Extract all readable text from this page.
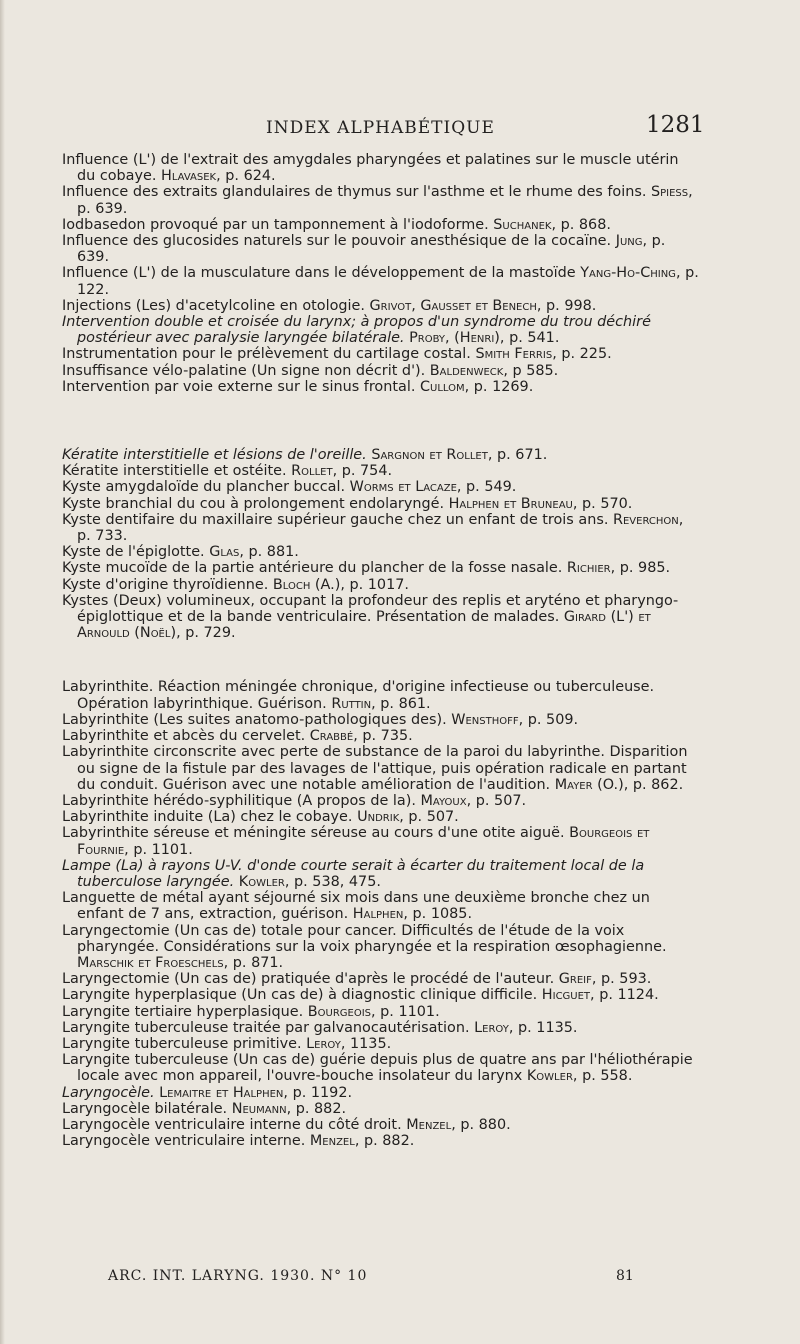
INDEX ALPHABÉTIQUE	1281

Influence (L') de l'extrait des amygdales pharyngées et palatines sur le muscle utérin du cobaye. Hlavasek, p. 624.

Influence des extraits glandulaires de thymus sur l'asthme et le rhume des foins. Spiess, p. 639.

Iodbasedon provoqué par un tamponnement à l'iodoforme. Suchanek, p. 868.

Influence des glucosides naturels sur le pouvoir anesthésique de la cocaïne. Jung, p. 639.

Influence (L') de la musculature dans le développement de la mastoïde Yang-Ho-Ching, p. 122.

Injections (Les) d'acetylcoline en otologie. Grivot, Gausset et Benech, p. 998.

Intervention double et croisée du larynx; à propos d'un syndrome du trou déchiré postérieur avec paralysie laryngée bilatérale. Proby, (Henri), p. 541.

Instrumentation pour le prélèvement du cartilage costal. Smith Ferris, p. 225.

Insuffisance vélo-palatine (Un signe non décrit d'). Baldenweck, p 585.

Intervention par voie externe sur le sinus frontal. Cullom, p. 1269.

Kératite interstitielle et lésions de l'oreille. Sargnon et Rollet, p. 671.

Kératite interstitielle et ostéite. Rollet, p. 754.

Kyste amygdaloïde du plancher buccal. Worms et Lacaze, p. 549.

Kyste branchial du cou à prolongement endolaryngé. Halphen et Bruneau, p. 570.

Kyste dentifaire du maxillaire supérieur gauche chez un enfant de trois ans. Reverchon, p. 733.

Kyste de l'épiglotte. Glas, p. 881.

Kyste mucoïde de la partie antérieure du plancher de la fosse nasale. Richier, p. 985.

Kyste d'origine thyroïdienne. Bloch (A.), p. 1017.

Kystes (Deux) volumineux, occupant la profondeur des replis et aryténo et pharyngo-épiglottique et de la bande ventriculaire. Présentation de malades. Girard (L') et Arnould (Noël), p. 729.

Labyrinthite. Réaction méningée chronique, d'origine infectieuse ou tuberculeuse. Opération labyrinthique. Guérison. Ruttin, p. 861.

Labyrinthite (Les suites anatomo-pathologiques des). Wensthoff, p. 509.

Labyrinthite et abcès du cervelet. Crabbé, p. 735.

Labyrinthite circonscrite avec perte de substance de la paroi du labyrinthe. Disparition ou signe de la fistule par des lavages de l'attique, puis opération radicale en partant du conduit. Guérison avec une notable amélioration de l'audition. Mayer (O.), p. 862.

Labyrinthite hérédo-syphilitique (A propos de la). Mayoux, p. 507.

Labyrinthite induite (La) chez le cobaye. Undrik, p. 507.

Labyrinthite séreuse et méningite séreuse au cours d'une otite aiguë. Bourgeois et Fournie, p. 1101.

Lampe (La) à rayons U-V. d'onde courte serait à écarter du traitement local de la tuberculose laryngée. Kowler, p. 538, 475.

Languette de métal ayant séjourné six mois dans une deuxième bronche chez un enfant de 7 ans, extraction, guérison. Halphen, p. 1085.

Laryngectomie (Un cas de) totale pour cancer. Difficultés de l'étude de la voix pharyngée. Considérations sur la voix pharyngée et la respiration œsophagienne. Marschik et Froeschels, p. 871.

Laryngectomie (Un cas de) pratiquée d'après le procédé de l'auteur. Greif, p. 593.

Laryngite hyperplasique (Un cas de) à diagnostic clinique difficile. Hicguet, p. 1124.

Laryngite tertiaire hyperplasique. Bourgeois, p. 1101.

Laryngite tuberculeuse traitée par galvanocautérisation. Leroy, p. 1135.

Laryngite tuberculeuse primitive. Leroy, 1135.

Laryngite tuberculeuse (Un cas de) guérie depuis plus de quatre ans par l'héliothérapie locale avec mon appareil, l'ouvre-bouche insolateur du larynx Kowler, p. 558.

Laryngocèle. Lemaitre et Halphen, p. 1192.

Laryngocèle bilatérale. Neumann, p. 882.

Laryngocèle ventriculaire interne du côté droit. Menzel, p. 880.

Laryngocèle ventriculaire interne. Menzel, p. 882.

ARC. INT. LARYNG. 1930. N° 10	81
